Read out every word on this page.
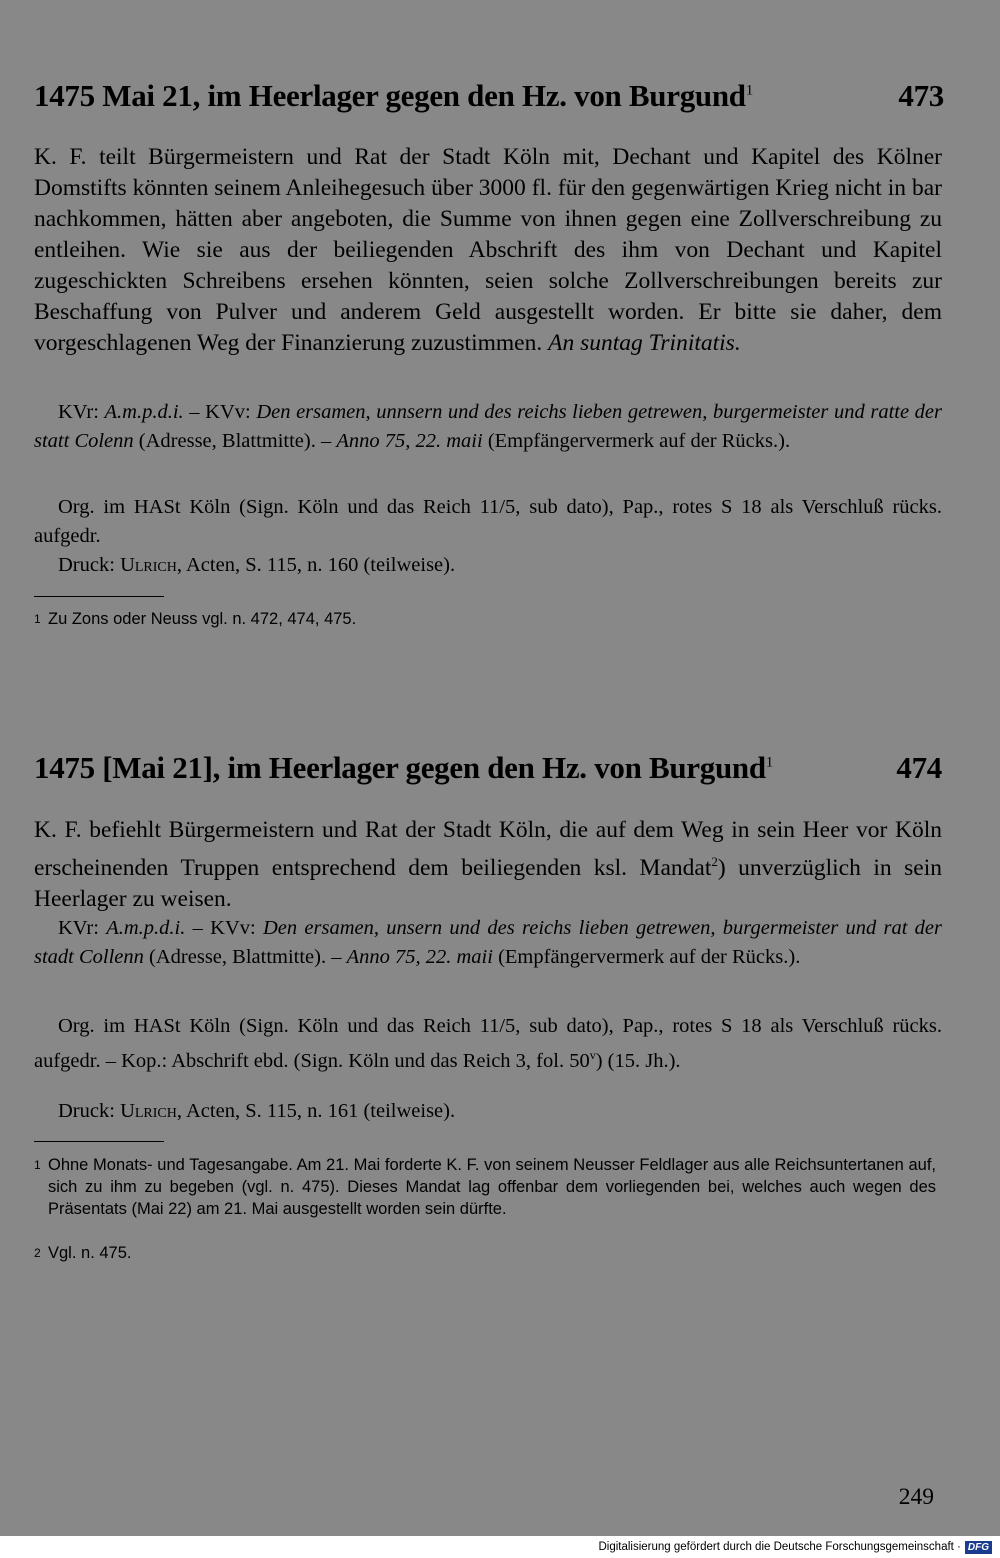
1475 Mai 21, im Heerlager gegen den Hz. von Burgund$^1$	473
K. F. teilt Bürgermeistern und Rat der Stadt Köln mit, Dechant und Kapitel des Kölner Domstifts könnten seinem Anleihegesuch über 3000 fl. für den gegenwärtigen Krieg nicht in bar nachkommen, hätten aber angeboten, die Summe von ihnen gegen eine Zollverschreibung zu entleihen. Wie sie aus der beiliegenden Abschrift des ihm von Dechant und Kapitel zugeschickten Schreibens ersehen könnten, seien solche Zollverschreibungen bereits zur Beschaffung von Pulver und anderem Geld ausgestellt worden. Er bitte sie daher, dem vorgeschlagenen Weg der Finanzierung zuzustimmen. An suntag Trinitatis.
KVr: A.m.p.d.i. – KVv: Den ersamen, unnsern und des reichs lieben getrewen, burgermeister und ratte der statt Colenn (Adresse, Blattmitte). – Anno 75, 22. maii (Empfängervermerk auf der Rücks.).
Org. im HASt Köln (Sign. Köln und das Reich 11/5, sub dato), Pap., rotes S 18 als Verschluß rücks. aufgedr.
Druck: Ulrich, Acten, S. 115, n. 160 (teilweise).
1 Zu Zons oder Neuss vgl. n. 472, 474, 475.
1475 [Mai 21], im Heerlager gegen den Hz. von Burgund$^1$	474
K. F. befiehlt Bürgermeistern und Rat der Stadt Köln, die auf dem Weg in sein Heer vor Köln erscheinenden Truppen entsprechend dem beiliegenden ksl. Mandat$^2$) unverzüglich in sein Heerlager zu weisen.
KVr: A.m.p.d.i. – KVv: Den ersamen, unsern und des reichs lieben getrewen, burgermeister und rat der stadt Collenn (Adresse, Blattmitte). – Anno 75, 22. maii (Empfängervermerk auf der Rücks.).
Org. im HASt Köln (Sign. Köln und das Reich 11/5, sub dato), Pap., rotes S 18 als Verschluß rücks. aufgedr. – Kop.: Abschrift ebd. (Sign. Köln und das Reich 3, fol. 50$^v$) (15. Jh.).
Druck: Ulrich, Acten, S. 115, n. 161 (teilweise).
1 Ohne Monats- und Tagesangabe. Am 21. Mai forderte K. F. von seinem Neusser Feldlager aus alle Reichsuntertanen auf, sich zu ihm zu begeben (vgl. n. 475). Dieses Mandat lag offenbar dem vorliegenden bei, welches auch wegen des Präsentats (Mai 22) am 21. Mai ausgestellt worden sein dürfte.
2 Vgl. n. 475.
249
Digitalisierung gefördert durch die Deutsche Forschungsgemeinschaft · DFG
